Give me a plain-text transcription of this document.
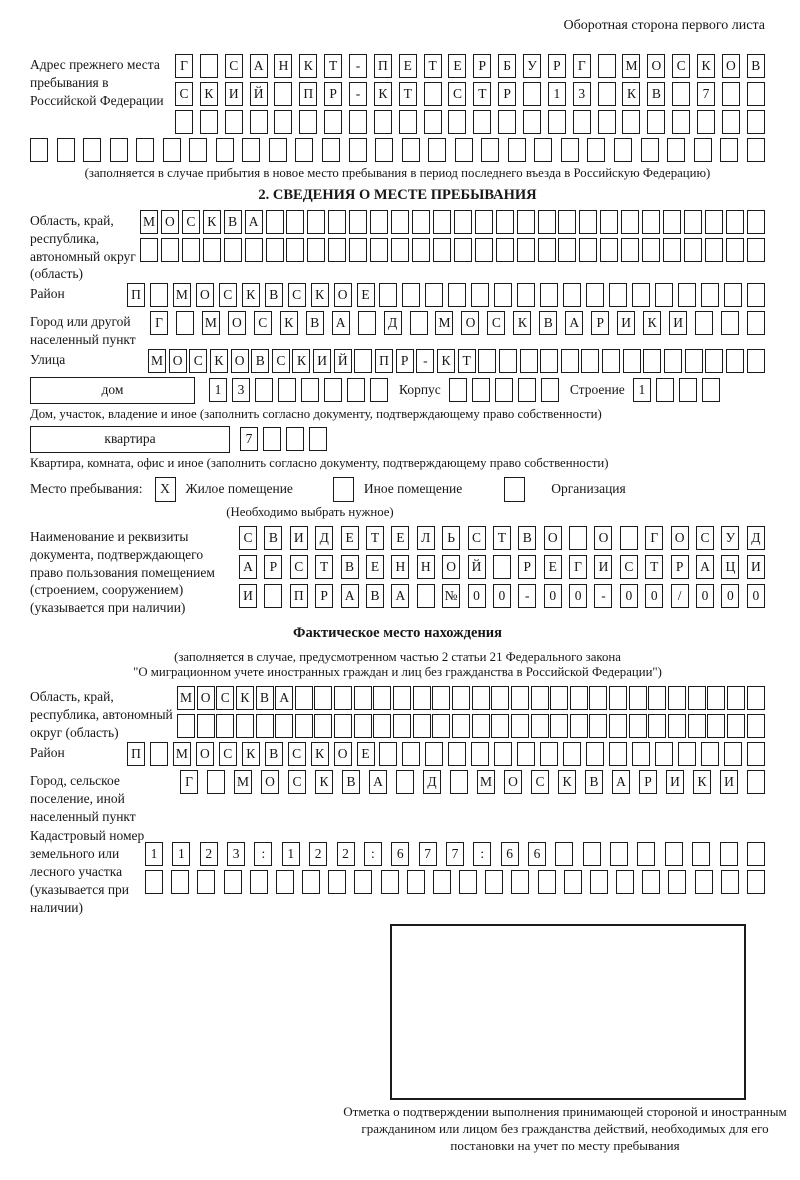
Оборотная сторона первого листа
Адрес прежнего места пребывания в Российской Федерации
Г	С	А	Н	К	Т	-	П	Е	Т	Е	Р	Б	У	Р	Г	М	О	С	К	О	В
С	К	И	Й	П	Р	-	К	Т	С	Т	Р	1	3	К	В	7
(заполняется в случае прибытия в новое место пребывания в период последнего въезда в Российскую Федерацию)
2. СВЕДЕНИЯ О МЕСТЕ ПРЕБЫВАНИЯ
Область, край, республика, автономный округ (область)
М О С К В А
Район	П	М О	С	К	В	С	К	О	Е
Город или другой населенный пункт
Г	М	О	С	К	В	А	Д	М	О	С	К	В	А	Р	И	К	И
Улица	М О С К О В С К И Й	П Р	-	К Т
дом	1	3	Корпус	Строение	1
Дом, участок, владение и иное (заполнить согласно документу, подтверждающему право собственности)
квартира	7
Квартира, комната, офис и иное (заполнить согласно документу, подтверждающему право собственности)
Место пребывания:	X	Жилое помещение	Иное помещение	Организация
(Необходимо выбрать нужное)
Наименование и реквизиты документа, подтверждающего право пользования помещением (строением, сооружением) (указывается при наличии)
С	В	И	Д	Е	Т	Е	Л	Ь	С	Т	В	О	О	Г	О	С	У	Д
А	Р	С	Т	В	Е	Н	Н	О	Й	Р	Е	Г	И	С	Т	Р	А	Ц	И
И	П	Р	А	В	А	№	0	0	-	0	0	-	0	0	/	0	0	0
Фактическое место нахождения
(заполняется в случае, предусмотренном частью 2 статьи 21 Федерального закона
"О миграционном учете иностранных граждан и лиц без гражданства в Российской Федерации")
Область, край, республика, автономный округ (область)
М О С К В А
Район	П	М О	С	К	В	С	К	О	Е
Город, сельское поселение, иной населенный пункт
Г	М	О	С	К	В	А	Д	М	О	С	К	В	А	Р	И	К	И
Кадастровый номер земельного или лесного участка (указывается при наличии)
1	1	2	3	:	1	2	2	:	6	7	7	:	6	6
Отметка о подтверждении выполнения принимающей стороной и иностранным гражданином или лицом без гражданства действий, необходимых для его постановки на учет по месту пребывания
